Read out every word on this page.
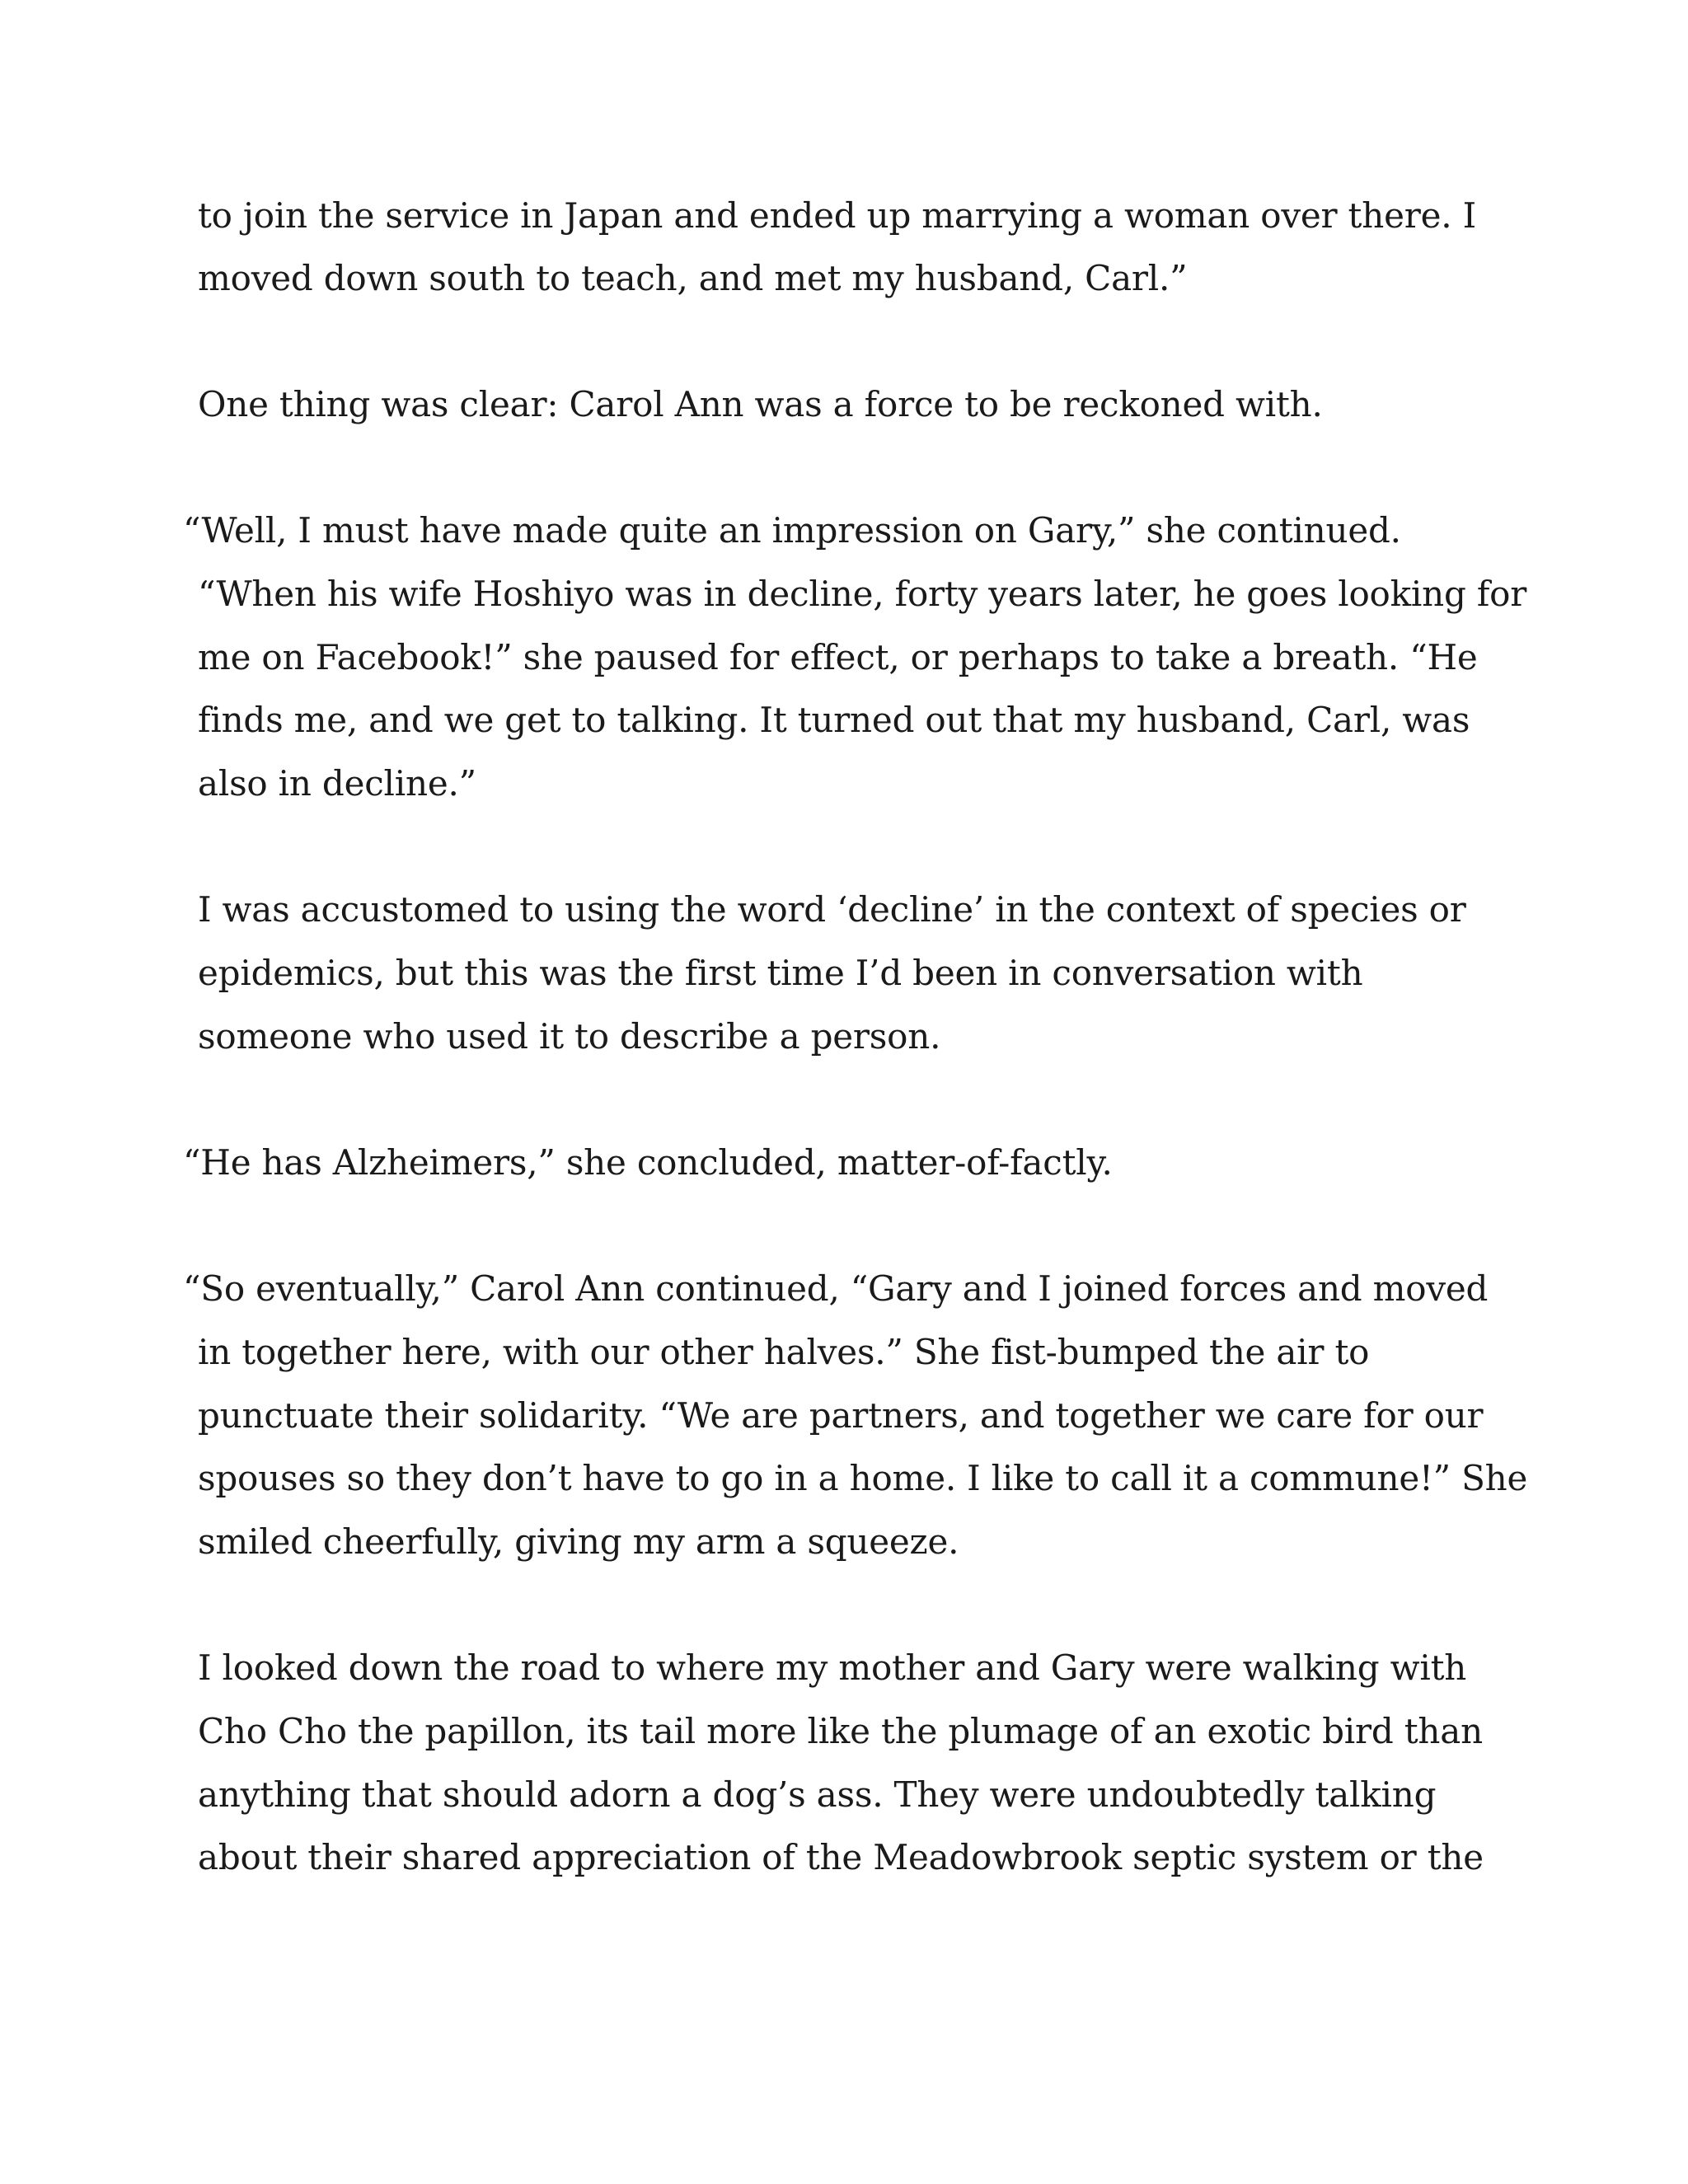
to join the service in Japan and ended up marrying a woman over there. I
moved down south to teach, and met my husband, Carl.”
One thing was clear: Carol Ann was a force to be reckoned with.
“Well, I must have made quite an impression on Gary,” she continued.
“When his wife Hoshiyo was in decline, forty years later, he goes looking for
me on Facebook!” she paused for effect, or perhaps to take a breath. “He
finds me, and we get to talking. It turned out that my husband, Carl, was
also in decline.”
I was accustomed to using the word ‘decline’ in the context of species or
epidemics, but this was the first time I’d been in conversation with
someone who used it to describe a person.
“He has Alzheimers,” she concluded, matter-of-factly.
“So eventually,” Carol Ann continued, “Gary and I joined forces and moved
in together here, with our other halves.” She fist-bumped the air to
punctuate their solidarity. “We are partners, and together we care for our
spouses so they don’t have to go in a home. I like to call it a commune!” She
smiled cheerfully, giving my arm a squeeze.
I looked down the road to where my mother and Gary were walking with
Cho Cho the papillon, its tail more like the plumage of an exotic bird than
anything that should adorn a dog’s ass. They were undoubtedly talking
about their shared appreciation of the Meadowbrook septic system or the
